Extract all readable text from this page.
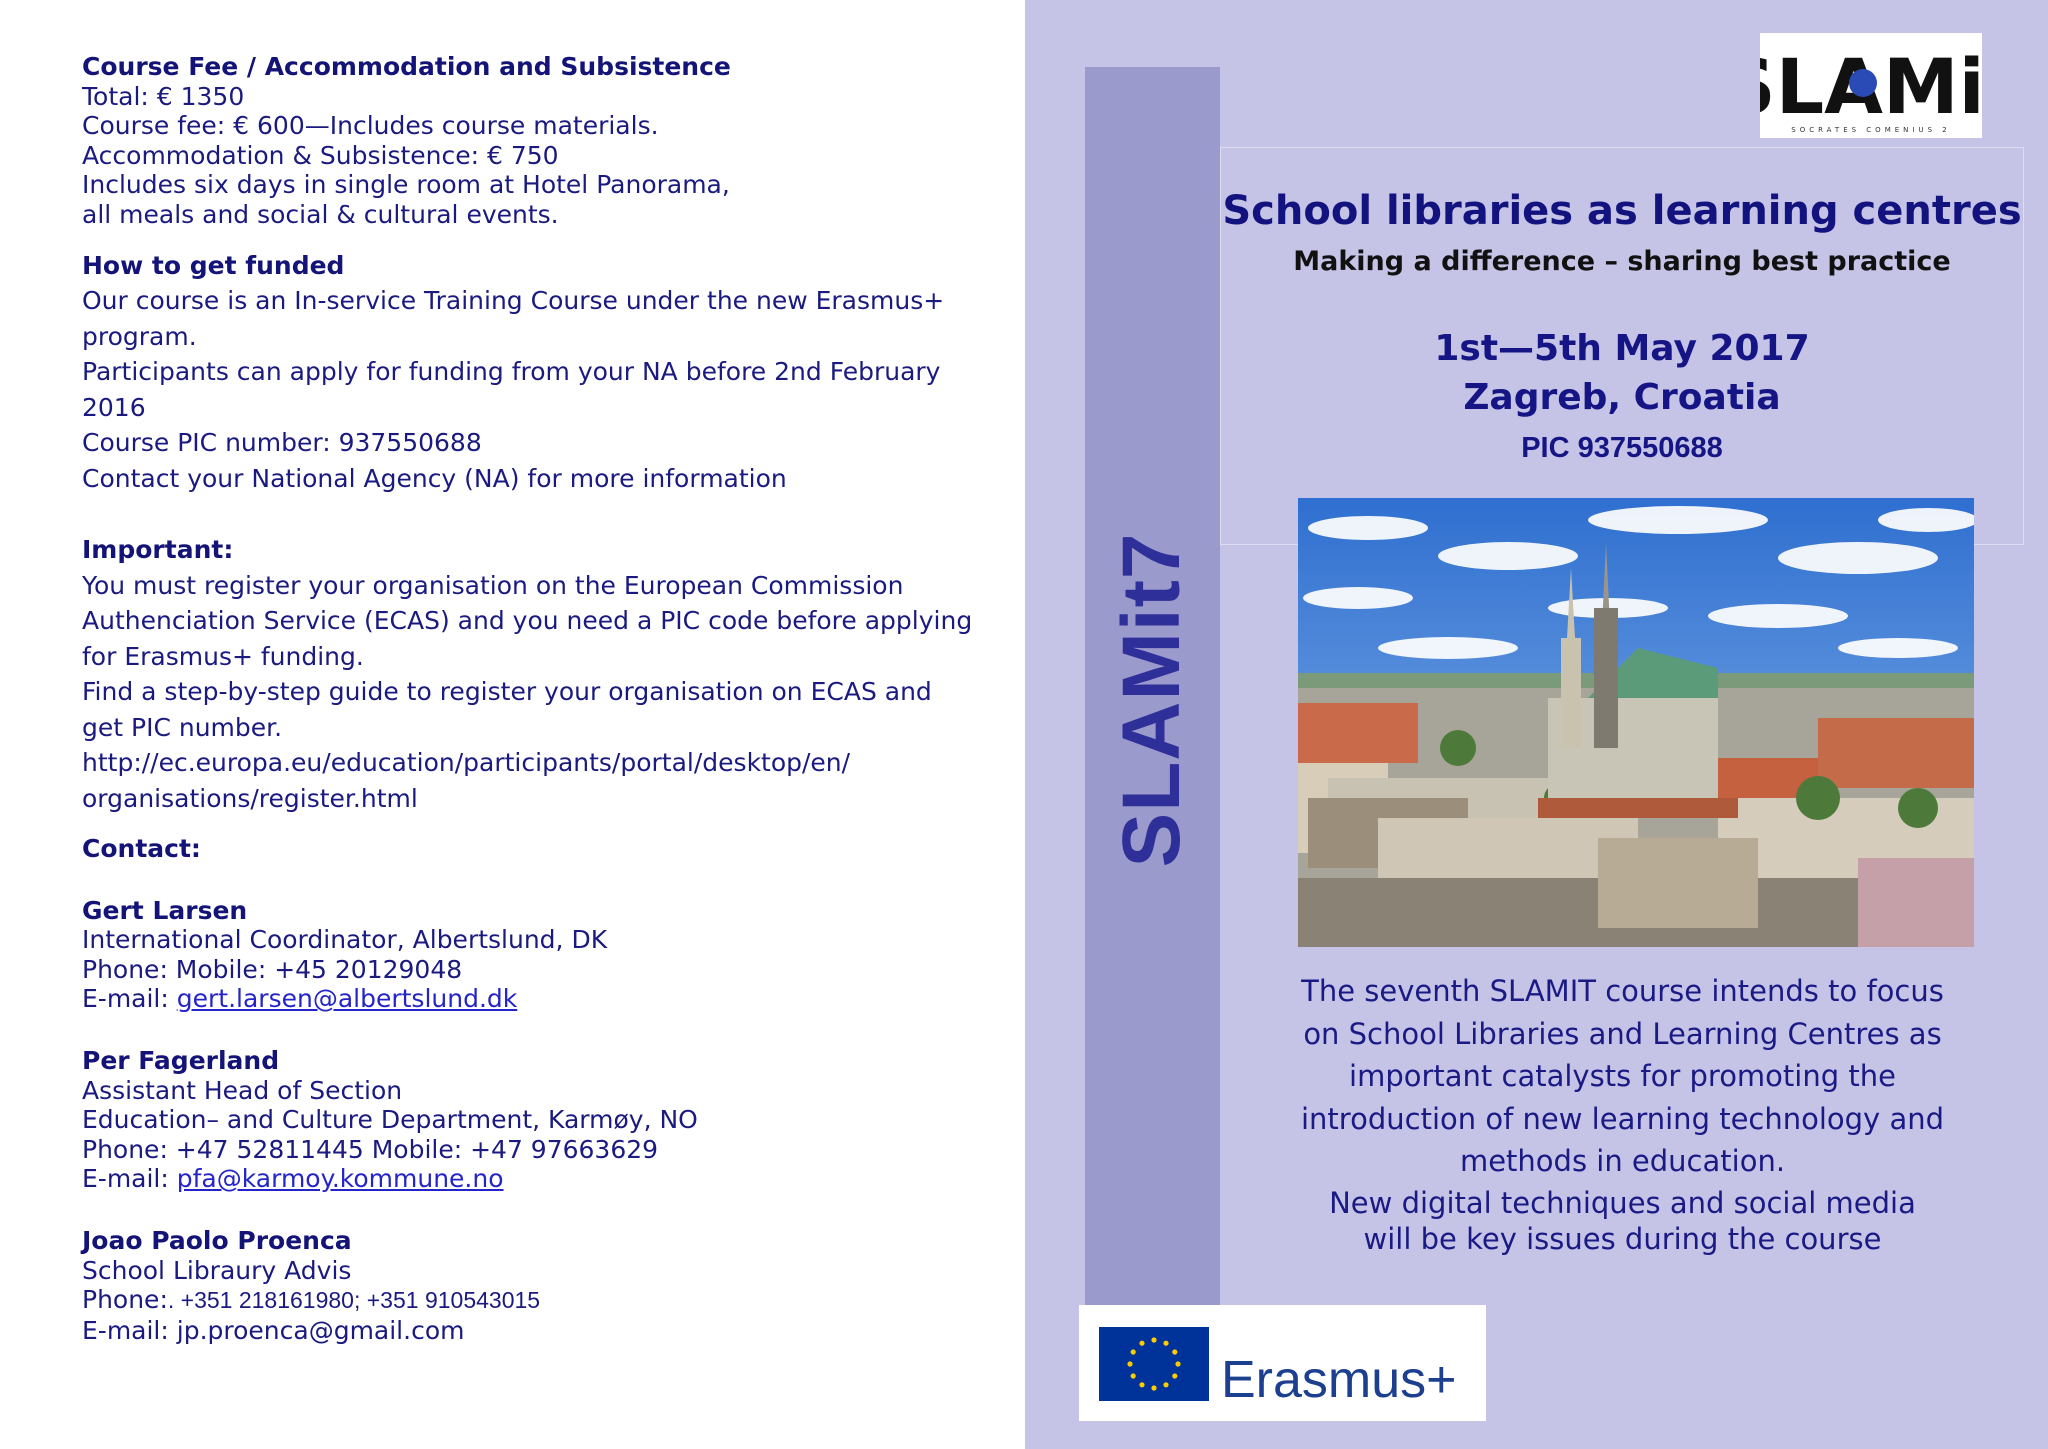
Course Fee / Accommodation and Subsistence
Total: € 1350
Course fee: € 600—Includes course materials.
Accommodation & Subsistence: € 750
Includes six days in single room at Hotel Panorama,
all meals and social & cultural events.
How to get funded
Our course is an In-service Training Course under the new Erasmus+
program.
Participants can apply for funding from your NA before 2nd February
2016
Course PIC number: 937550688
Contact your National Agency (NA) for more information
Important:
You must register your organisation on the European Commission
Authenciation Service (ECAS) and you need a PIC code before applying
for Erasmus+ funding.
Find a step-by-step guide to register your organisation on ECAS and
get PIC number.
http://ec.europa.eu/education/participants/portal/desktop/en/
organisations/register.html
Contact:
Gert Larsen
International Coordinator, Albertslund, DK
Phone: Mobile: +45 20129048
E-mail: gert.larsen@albertslund.dk
Per Fagerland
Assistant Head of Section
Education– and Culture Department, Karmøy, NO
Phone: +47 52811445 Mobile: +47 97663629
E-mail: pfa@karmoy.kommune.no
Joao Paolo Proenca
School Libraury Advis
Phone:. +351 218161980; +351 910543015
E-mail: jp.proenca@gmail.com
SLAMit7
SOCRATES COMENIUS 2
School libraries as learning centres
Making a difference – sharing best practice
1st—5th May 2017
Zagreb, Croatia
PIC 937550688
The seventh SLAMIT course intends to focus
on School Libraries and Learning Centres as
important catalysts for promoting the
introduction of new learning technology and
methods in education.
New digital techniques and social media
will be key issues during the course
Erasmus+
